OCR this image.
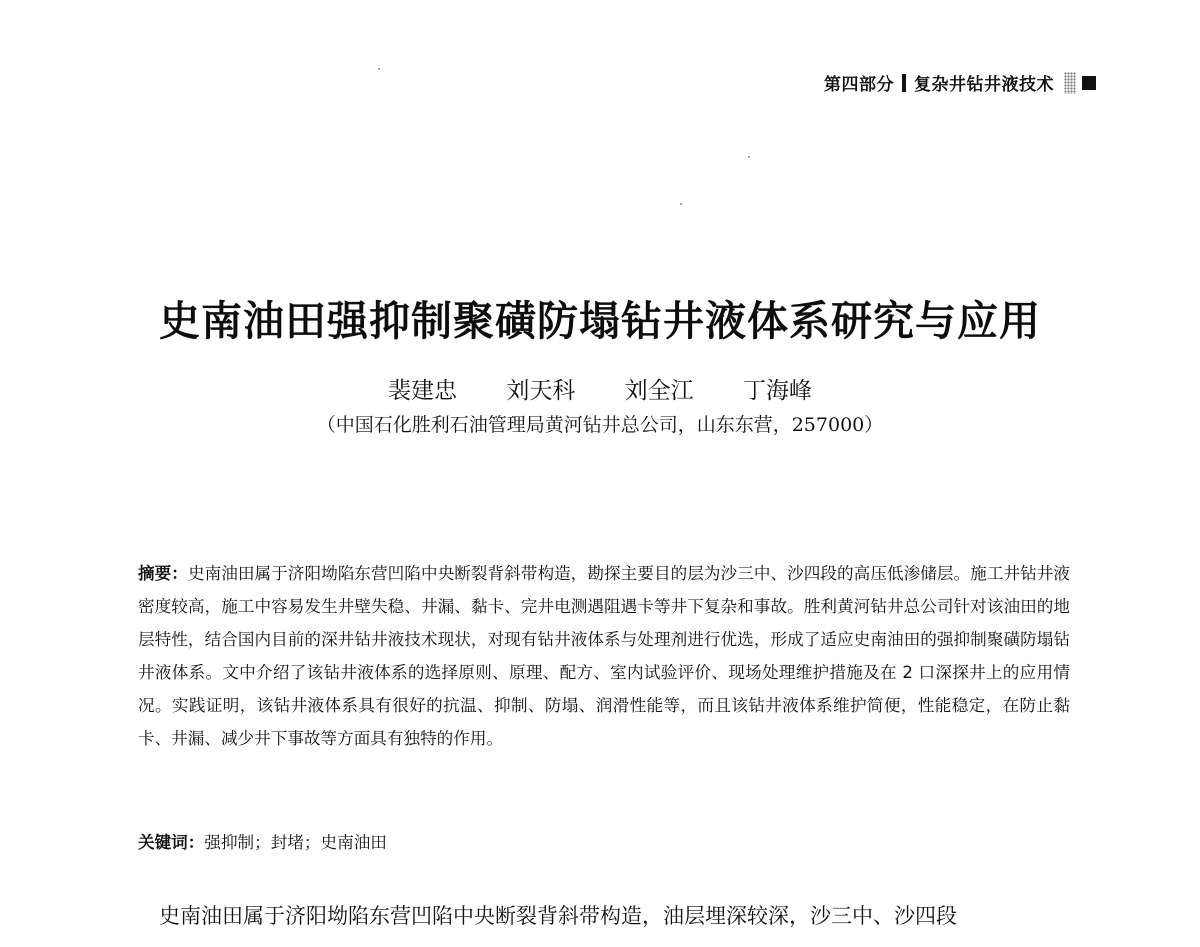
第四部分 复杂井钻井液技术
史南油田强抑制聚磺防塌钻井液体系研究与应用
裴建忠 刘天科 刘全江 丁海峰
（中国石化胜利石油管理局黄河钻井总公司，山东东营，257000）
摘要：史南油田属于济阳坳陷东营凹陷中央断裂背斜带构造，勘探主要目的层为沙三中、沙四段的高压低渗储层。施工井钻井液密度较高，施工中容易发生井壁失稳、井漏、黏卡、完井电测遇阻遇卡等井下复杂和事故。胜利黄河钻井总公司针对该油田的地层特性，结合国内目前的深井钻井液技术现状，对现有钻井液体系与处理剂进行优选，形成了适应史南油田的强抑制聚磺防塌钻井液体系。文中介绍了该钻井液体系的选择原则、原理、配方、室内试验评价、现场处理维护措施及在 2 口深探井上的应用情况。实践证明，该钻井液体系具有很好的抗温、抑制、防塌、润滑性能等，而且该钻井液体系维护简便，性能稳定，在防止黏卡、井漏、减少井下事故等方面具有独特的作用。
关键词：强抑制；封堵；史南油田
史南油田属于济阳坳陷东营凹陷中央断裂背斜带构造，油层埋深较深，沙三中、沙四段
